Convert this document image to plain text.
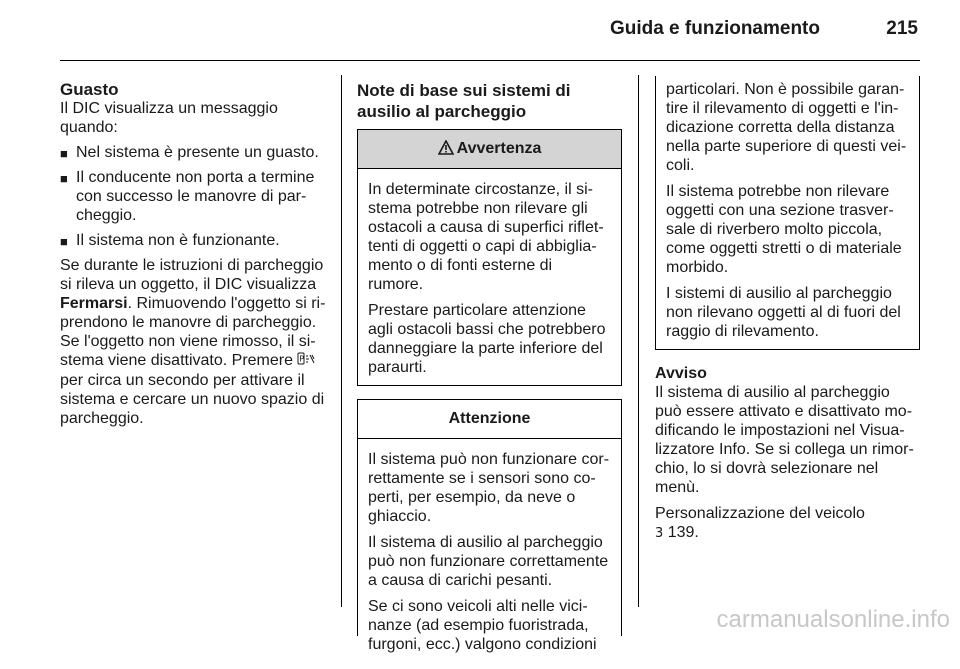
Guida e funzionamento	215
Guasto

Il DIC visualizza un messaggio quando:

■ Nel sistema è presente un guasto.
■ Il conducente non porta a termine con successo le manovre di parcheggio.
■ Il sistema non è funzionante.

Se durante le istruzioni di parcheggio si rileva un oggetto, il DIC visualizza Fermarsi. Rimuovendo l'oggetto si riprendono le manovre di parcheggio. Se l'oggetto non viene rimosso, il sistema viene disattivato. Premere P
per circa un secondo per attivare il sistema e cercare un nuovo spazio di parcheggio.

Note di base sui sistemi di ausilio al parcheggio
Avvertenza

In determinate circostanze, il sistema potrebbe non rilevare gli ostacoli a causa di superfici riflettenti di oggetti o capi di abbigliamento o di fonti esterne di rumore.

Prestare particolare attenzione agli ostacoli bassi che potrebbero danneggiare la parte inferiore del paraurti.

Attenzione

Il sistema può non funzionare correttamente se i sensori sono coperti, per esempio, da neve o ghiaccio.

Il sistema di ausilio al parcheggio può non funzionare correttamente a causa di carichi pesanti.

Se ci sono veicoli alti nelle vicinanze (ad esempio fuoristrada, furgoni, ecc.) valgono condizioni

particolari. Non è possibile garantire il rilevamento di oggetti e l'indicazione corretta della distanza nella parte superiore di questi veicoli.

Il sistema potrebbe non rilevare oggetti con una sezione trasversale di riverbero molto piccola, come oggetti stretti o di materiale morbido.

I sistemi di ausilio al parcheggio non rilevano oggetti al di fuori del raggio di rilevamento.

Avviso

Il sistema di ausilio al parcheggio può essere attivato e disattivato modificando le impostazioni nel Visualizzatore Info. Se si collega un rimorchio, lo si dovrà selezionare nel menù.

Personalizzazione del veicolo

3 139.

carmanualsonline.info
